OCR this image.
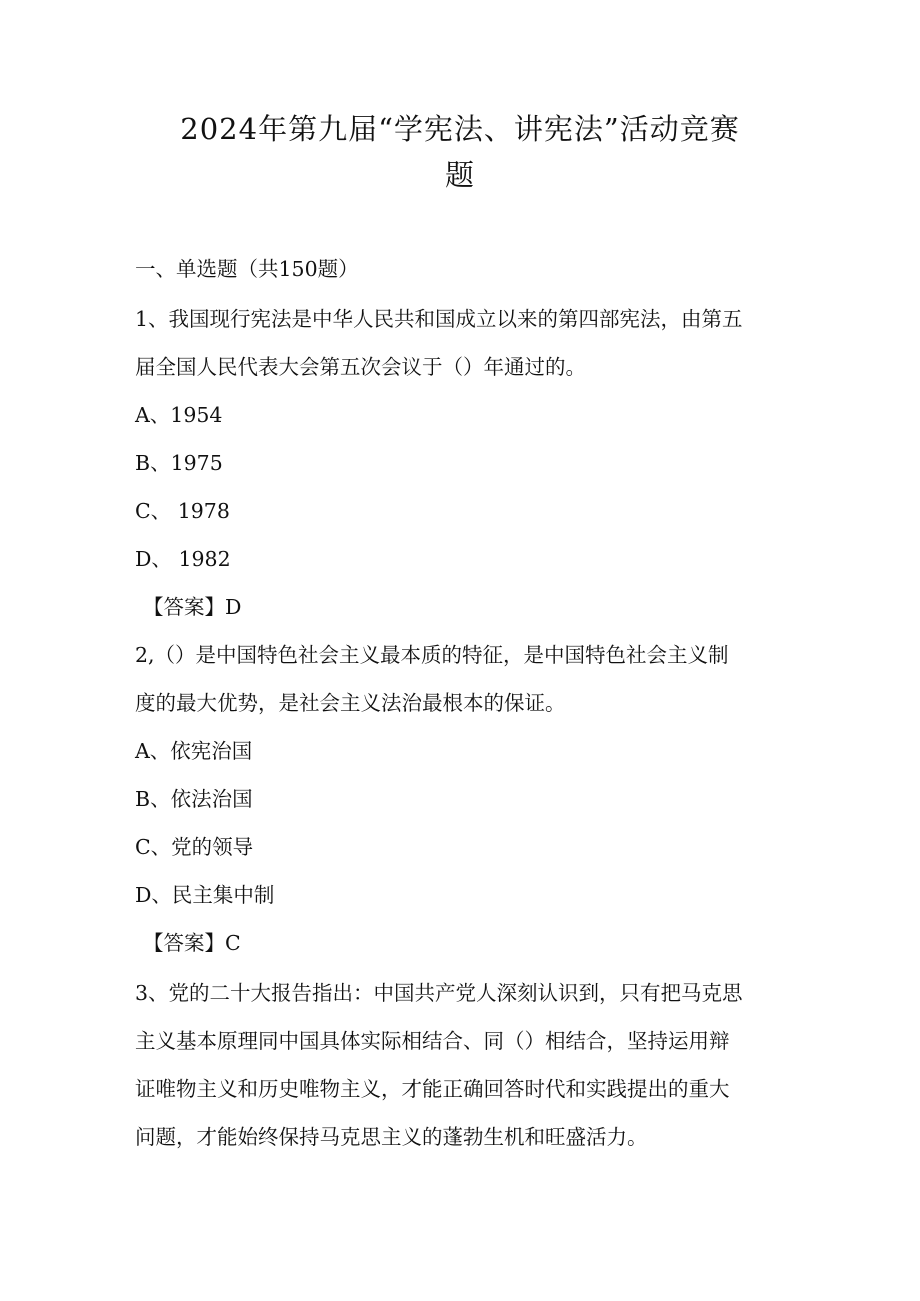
2024年第九届“学宪法、讲宪法”活动竞赛
题

一、单选题（共150题）

1、我国现行宪法是中华人民共和国成立以来的第四部宪法，由第五

届全国人民代表大会第五次会议于（）年通过的。

A、1954

B、1975

C、 1978

D、 1982

【答案】D

2,（）是中国特色社会主义最本质的特征，是中国特色社会主义制

度的最大优势，是社会主义法治最根本的保证。

A、依宪治国

B、依法治国

C、党的领导

D、民主集中制

【答案】C

3、党的二十大报告指出：中国共产党人深刻认识到，只有把马克思

主义基本原理同中国具体实际相结合、同（）相结合，坚持运用辩

证唯物主义和历史唯物主义，才能正确回答时代和实践提出的重大

问题，才能始终保持马克思主义的蓬勃生机和旺盛活力。
